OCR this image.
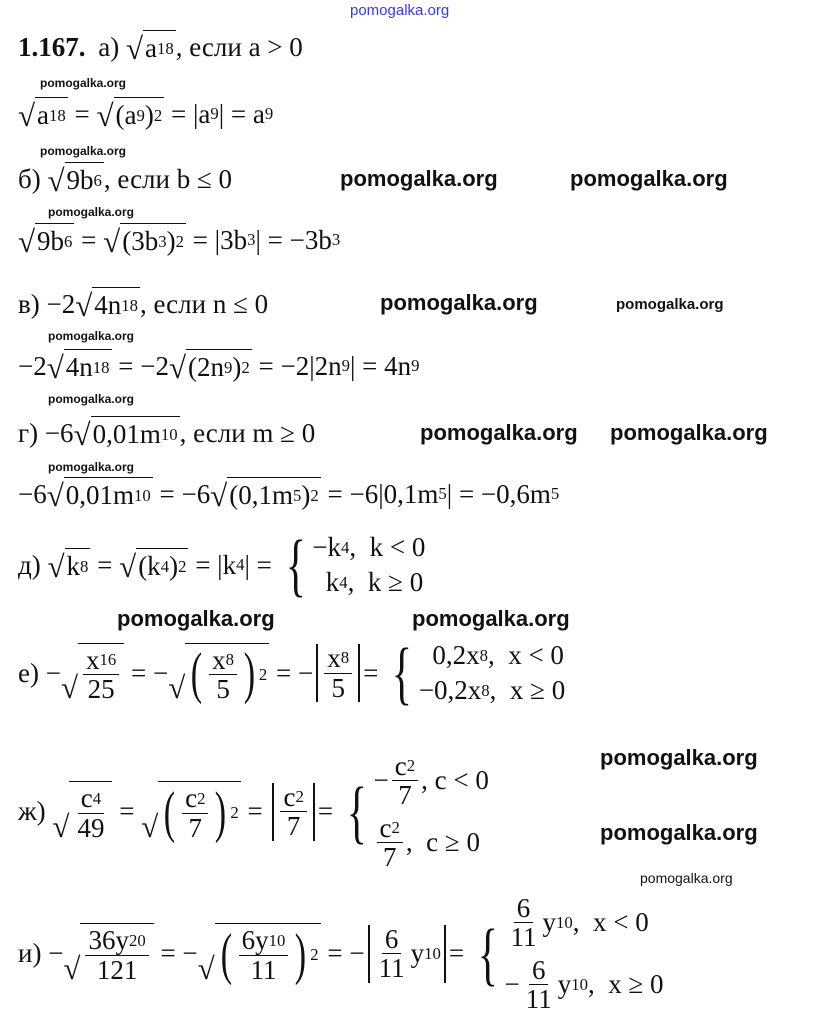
pomogalka.org
1.167. а) √ a 18 , если a > 0
√ a 18 = √ (a 9 ) 2 = |a 9 | = a 9
б) √ 9b 6 , если b ≤ 0
√ 9b 6 = √ (3b 3 ) 2 = |3b 3 | = −3b 3
в) −2 √ 4n 18 , если n ≤ 0
−2 √ 4n 18 = −2 √ (2n 9 ) 2 = −2|2n 9 | = 4n 9
г) −6 √ 0,01m 10 , если m ≥ 0
−6 √ 0,01m 10 = −6 √ (0,1m 5 ) 2 = −6|0,1m 5 | = −0,6m 5
д) √ k 8 = √ (k 4 ) 2 = |k 4 | = { −k 4 ,  k < 0
k 4 ,  k ≥ 0
е) − √ $\frac{x 16}{25}$ = − √ ( $\frac{x 8}{5}$ ) 2 = − $\frac{x 8}{5}$ = { 0,2x 8 ,  x < 0
−0,2x 8 ,  x ≥ 0
ж) √ $\frac{c 4}{49}$ = √ ( $\frac{c 2}{7}$ ) $2 = \frac{c 2}{7}$ = { − $\frac{c 2}{7}$ , c < 0
$\frac{c 2}{7}$ ,  c ≥ 0
и) − √ $\frac{36y 20}{121}$ = − √ ( $\frac{6y 10}{11}$ ) 2 = − $\frac{6}{11}$ y 10 = { $\frac{6}{11}$ y 10 ,  x < 0
− $\frac{6}{11}$ y 10 ,  x ≥ 0
pomogalka.org
pomogalka.org
pomogalka.org
pomogalka.org
pomogalka.org
pomogalka.org
pomogalka.org
pomogalka.org
pomogalka.org	pomogalka.org
pomogalka.org
pomogalka.org pomogalka.org
pomogalka.org	pomogalka.org
pomogalka.org
pomogalka.org
